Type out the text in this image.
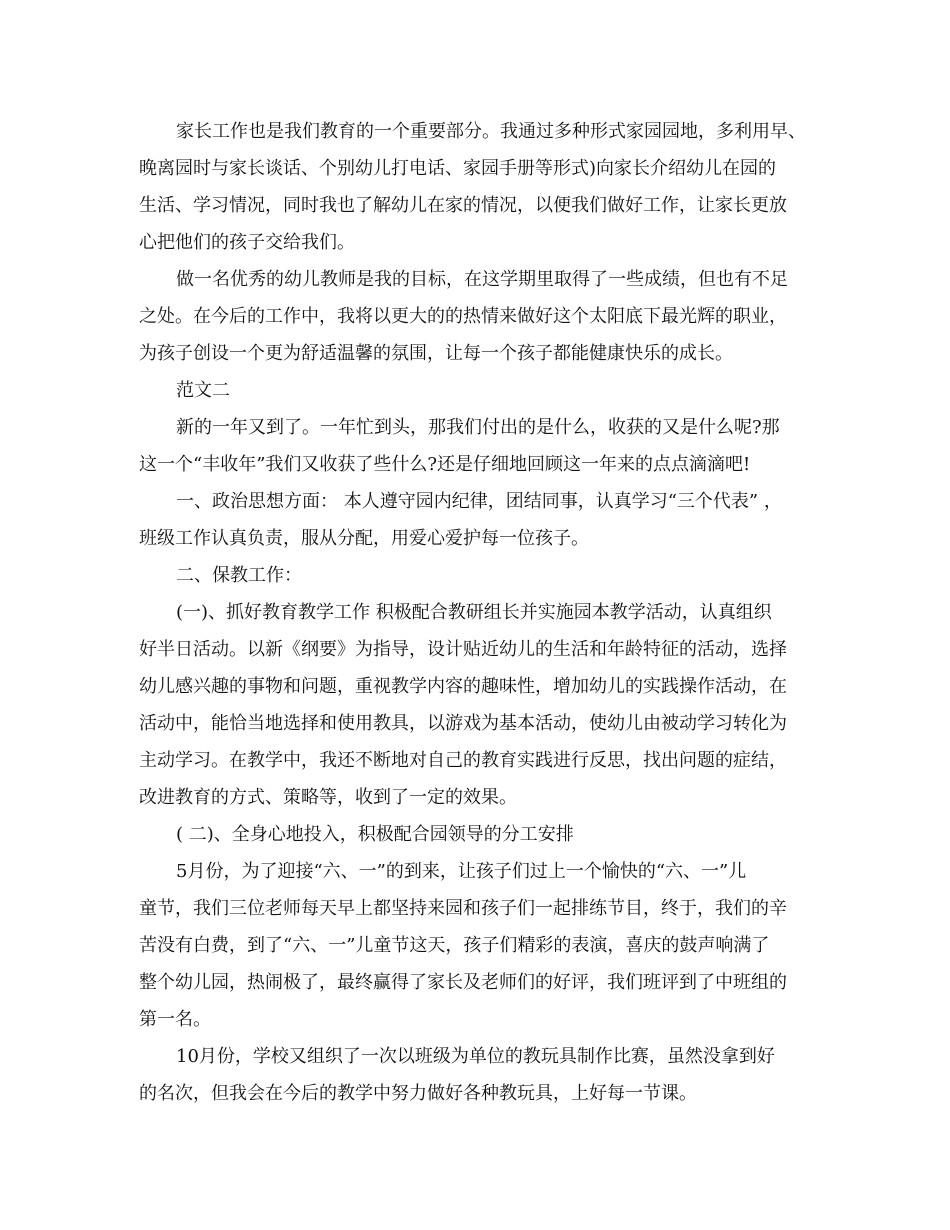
家长工作也是我们教育的一个重要部分。我通过多种形式家园园地，多利用早、
晚离园时与家长谈话、个别幼儿打电话、家园手册等形式)向家长介绍幼儿在园的
生活、学习情况，同时我也了解幼儿在家的情况，以便我们做好工作，让家长更放
心把他们的孩子交给我们。
做一名优秀的幼儿教师是我的目标，在这学期里取得了一些成绩，但也有不足
之处。在今后的工作中，我将以更大的的热情来做好这个太阳底下最光辉的职业，
为孩子创设一个更为舒适温馨的氛围，让每一个孩子都能健康快乐的成长。
范文二
新的一年又到了。一年忙到头，那我们付出的是什么，收获的又是什么呢?那
这一个“丰收年”我们又收获了些什么?还是仔细地回顾这一年来的点点滴滴吧!
一、政治思想方面： 本人遵守园内纪律，团结同事，认真学习“三个代表” ，
班级工作认真负责，服从分配，用爱心爱护每一位孩子。
二、保教工作：
(一)、抓好教育教学工作 积极配合教研组长并实施园本教学活动，认真组织
好半日活动。以新《纲要》为指导，设计贴近幼儿的生活和年龄特征的活动，选择
幼儿感兴趣的事物和问题，重视教学内容的趣味性，增加幼儿的实践操作活动，在
活动中，能恰当地选择和使用教具，以游戏为基本活动，使幼儿由被动学习转化为
主动学习。在教学中，我还不断地对自己的教育实践进行反思，找出问题的症结，
改进教育的方式、策略等，收到了一定的效果。
( 二)、全身心地投入，积极配合园领导的分工安排
5月份，为了迎接“六、一”的到来，让孩子们过上一个愉快的“六、一”儿
童节，我们三位老师每天早上都坚持来园和孩子们一起排练节目，终于，我们的辛
苦没有白费，到了“六、一”儿童节这天，孩子们精彩的表演，喜庆的鼓声响满了
整个幼儿园，热闹极了，最终赢得了家长及老师们的好评，我们班评到了中班组的
第一名。
10月份，学校又组织了一次以班级为单位的教玩具制作比赛，虽然没拿到好
的名次，但我会在今后的教学中努力做好各种教玩具，上好每一节课。
